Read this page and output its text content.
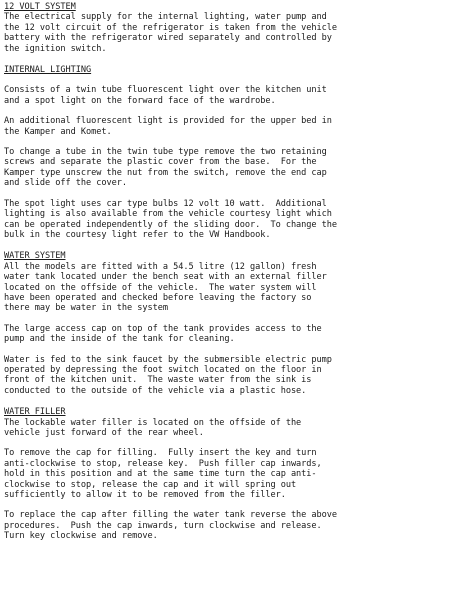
12 VOLT SYSTEM

The electrical supply for the internal lighting, water pump and
the 12 volt circuit of the refrigerator is taken from the vehicle
battery with the refrigerator wired separately and controlled by
the ignition switch.

INTERNAL LIGHTING

Consists of a twin tube fluorescent light over the kitchen unit
and a spot light on the forward face of the wardrobe.

An additional fluorescent light is provided for the upper bed in
the Kamper and Komet.

To change a tube in the twin tube type remove the two retaining
screws and separate the plastic cover from the base.  For the
Kamper type unscrew the nut from the switch, remove the end cap
and slide off the cover.

The spot light uses car type bulbs 12 volt 10 watt.  Additional
lighting is also available from the vehicle courtesy light which
can be operated independently of the sliding door.  To change the
bulk in the courtesy light refer to the VW Handbook.

WATER SYSTEM

All the models are fitted with a 54.5 litre (12 gallon) fresh
water tank located under the bench seat with an external filler
located on the offside of the vehicle.  The water system will
have been operated and checked before leaving the factory so
there may be water in the system

The large access cap on top of the tank provides access to the
pump and the inside of the tank for cleaning.

Water is fed to the sink faucet by the submersible electric pump
operated by depressing the foot switch located on the floor in
front of the kitchen unit.  The waste water from the sink is
conducted to the outside of the vehicle via a plastic hose.

WATER FILLER

The lockable water filler is located on the offside of the
vehicle just forward of the rear wheel.

To remove the cap for filling.  Fully insert the key and turn
anti-clockwise to stop, release key.  Push filler cap inwards,
hold in this position and at the same time turn the cap anti-
clockwise to stop, release the cap and it will spring out
sufficiently to allow it to be removed from the filler.

To replace the cap after filling the water tank reverse the above
procedures.  Push the cap inwards, turn clockwise and release.
Turn key clockwise and remove.
